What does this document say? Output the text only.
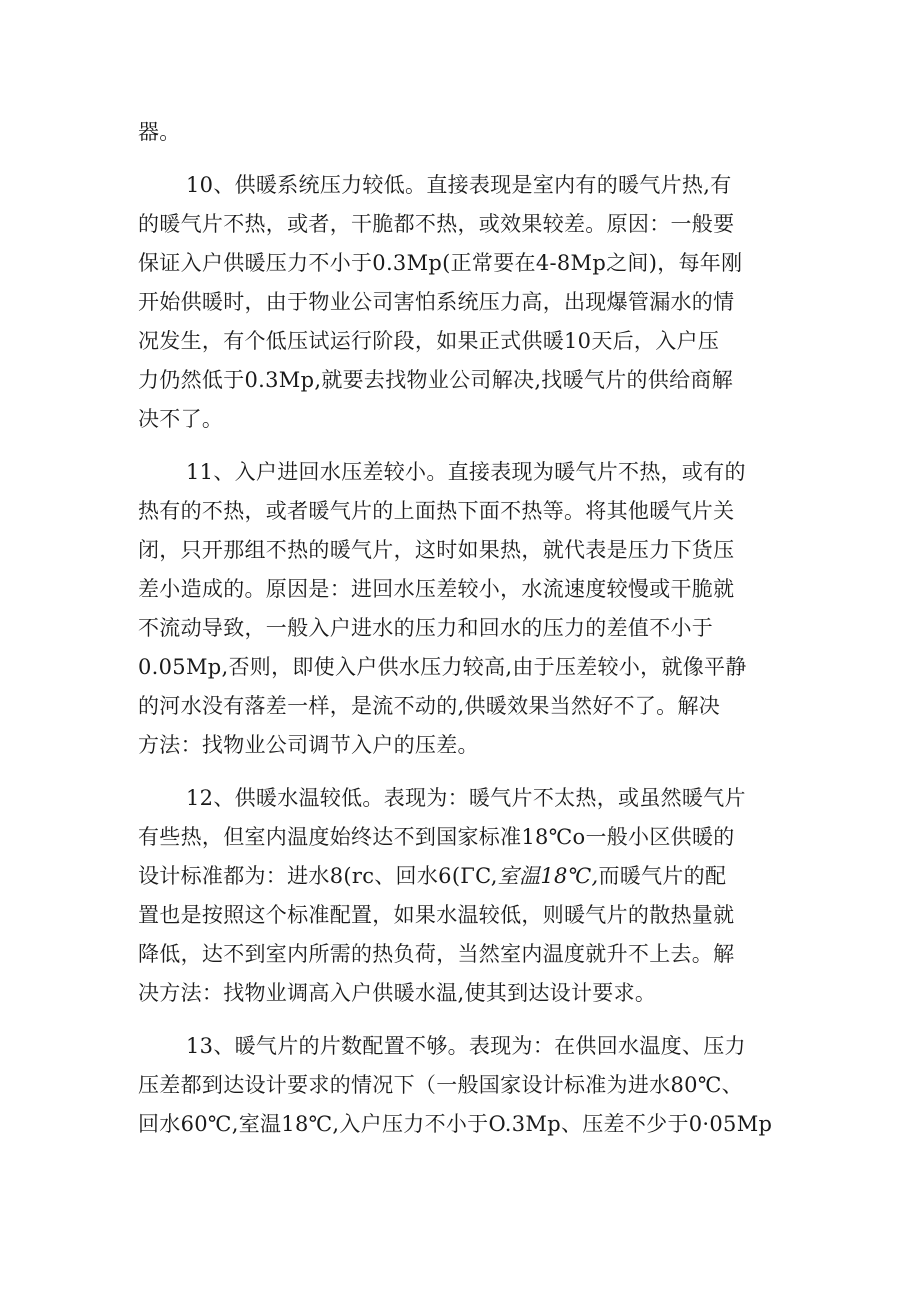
器。
10、供暖系统压力较低。直接表现是室内有的暖气片热,有
的暖气片不热，或者，干脆都不热，或效果较差。原因：一般要
保证入户供暖压力不小于0.3Mp(正常要在4-8Mp之间)，每年刚
开始供暖时，由于物业公司害怕系统压力高，出现爆管漏水的情
况发生，有个低压试运行阶段，如果正式供暖10天后，入户压
力仍然低于0.3Mp,就要去找物业公司解决,找暖气片的供给商解
决不了。
11、入户进回水压差较小。直接表现为暖气片不热，或有的
热有的不热，或者暖气片的上面热下面不热等。将其他暖气片关
闭，只开那组不热的暖气片，这时如果热，就代表是压力下货压
差小造成的。原因是：进回水压差较小，水流速度较慢或干脆就
不流动导致，一般入户进水的压力和回水的压力的差值不小于
0.05Mp,否则，即使入户供水压力较高,由于压差较小，就像平静
的河水没有落差一样，是流不动的,供暖效果当然好不了。解决
方法：找物业公司调节入户的压差。
12、供暖水温较低。表现为：暖气片不太热，或虽然暖气片
有些热，但室内温度始终达不到国家标准18℃o一般小区供暖的
设计标准都为：进水8(rc、回水6(ΓC,室温18℃,而暖气片的配
置也是按照这个标准配置，如果水温较低，则暖气片的散热量就
降低，达不到室内所需的热负荷，当然室内温度就升不上去。解
决方法：找物业调高入户供暖水温,使其到达设计要求。
13、暖气片的片数配置不够。表现为：在供回水温度、压力
压差都到达设计要求的情况下（一般国家设计标准为进水80℃、
回水60℃,室温18℃,入户压力不小于O.3Mp、压差不少于0·05Mp
